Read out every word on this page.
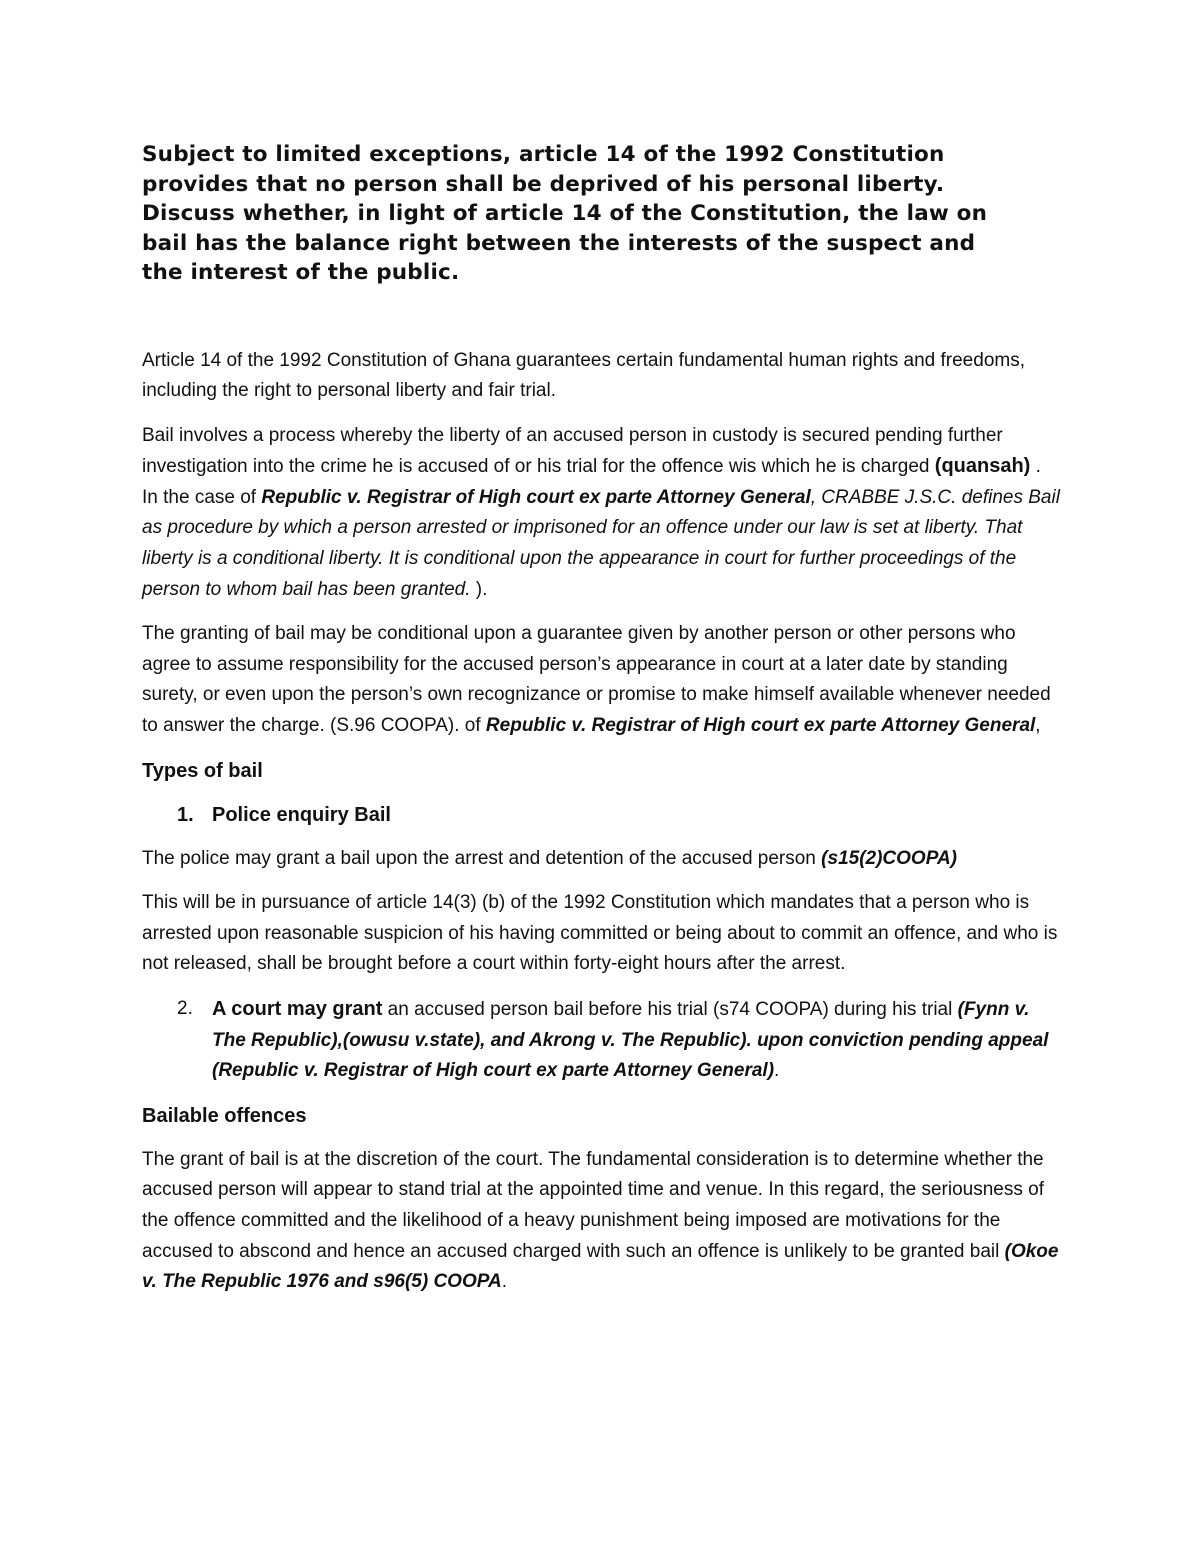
Subject to limited exceptions, article 14 of the 1992 Constitution
provides that no person shall be deprived of his personal liberty.
Discuss whether, in light of article 14 of the Constitution, the law on
bail has the balance right between the interests of the suspect and
the interest of the public.

Article 14 of the 1992 Constitution of Ghana guarantees certain fundamental human rights and freedoms, including the right to personal liberty and fair trial.

Bail involves a process whereby the liberty of an accused person in custody is secured pending further investigation into the crime he is accused of or his trial for the offence wis which he is charged (quansah) . In the case of Republic v. Registrar of High court ex parte Attorney General, CRABBE J.S.C. defines Bail as procedure by which a person arrested or imprisoned for an offence under our law is set at liberty. That liberty is a conditional liberty. It is conditional upon the appearance in court for further proceedings of the person to whom bail has been granted. ).

The granting of bail may be conditional upon a guarantee given by another person or other persons who agree to assume responsibility for the accused person’s appearance in court at a later date by standing surety, or even upon the person’s own recognizance or promise to make himself available whenever needed to answer the charge. (S.96 COOPA). of Republic v. Registrar of High court ex parte Attorney General,

Types of bail
1. Police enquiry Bail

The police may grant a bail upon the arrest and detention of the accused person (s15(2)COOPA)

This will be in pursuance of article 14(3) (b) of the 1992 Constitution which mandates that a person who is arrested upon reasonable suspicion of his having committed or being about to commit an offence, and who is not released, shall be brought before a court within forty-eight hours after the arrest.

2. A court may grant an accused person bail before his trial (s74 COOPA) during his trial (Fynn v. The Republic),(owusu v.state), and Akrong v. The Republic). upon conviction pending appeal (Republic v. Registrar of High court ex parte Attorney General).

Bailable offences

The grant of bail is at the discretion of the court. The fundamental consideration is to determine whether the accused person will appear to stand trial at the appointed time and venue. In this regard, the seriousness of the offence committed and the likelihood of a heavy punishment being imposed are motivations for the accused to abscond and hence an accused charged with such an offence is unlikely to be granted bail (Okoe v. The Republic 1976 and s96(5) COOPA.
